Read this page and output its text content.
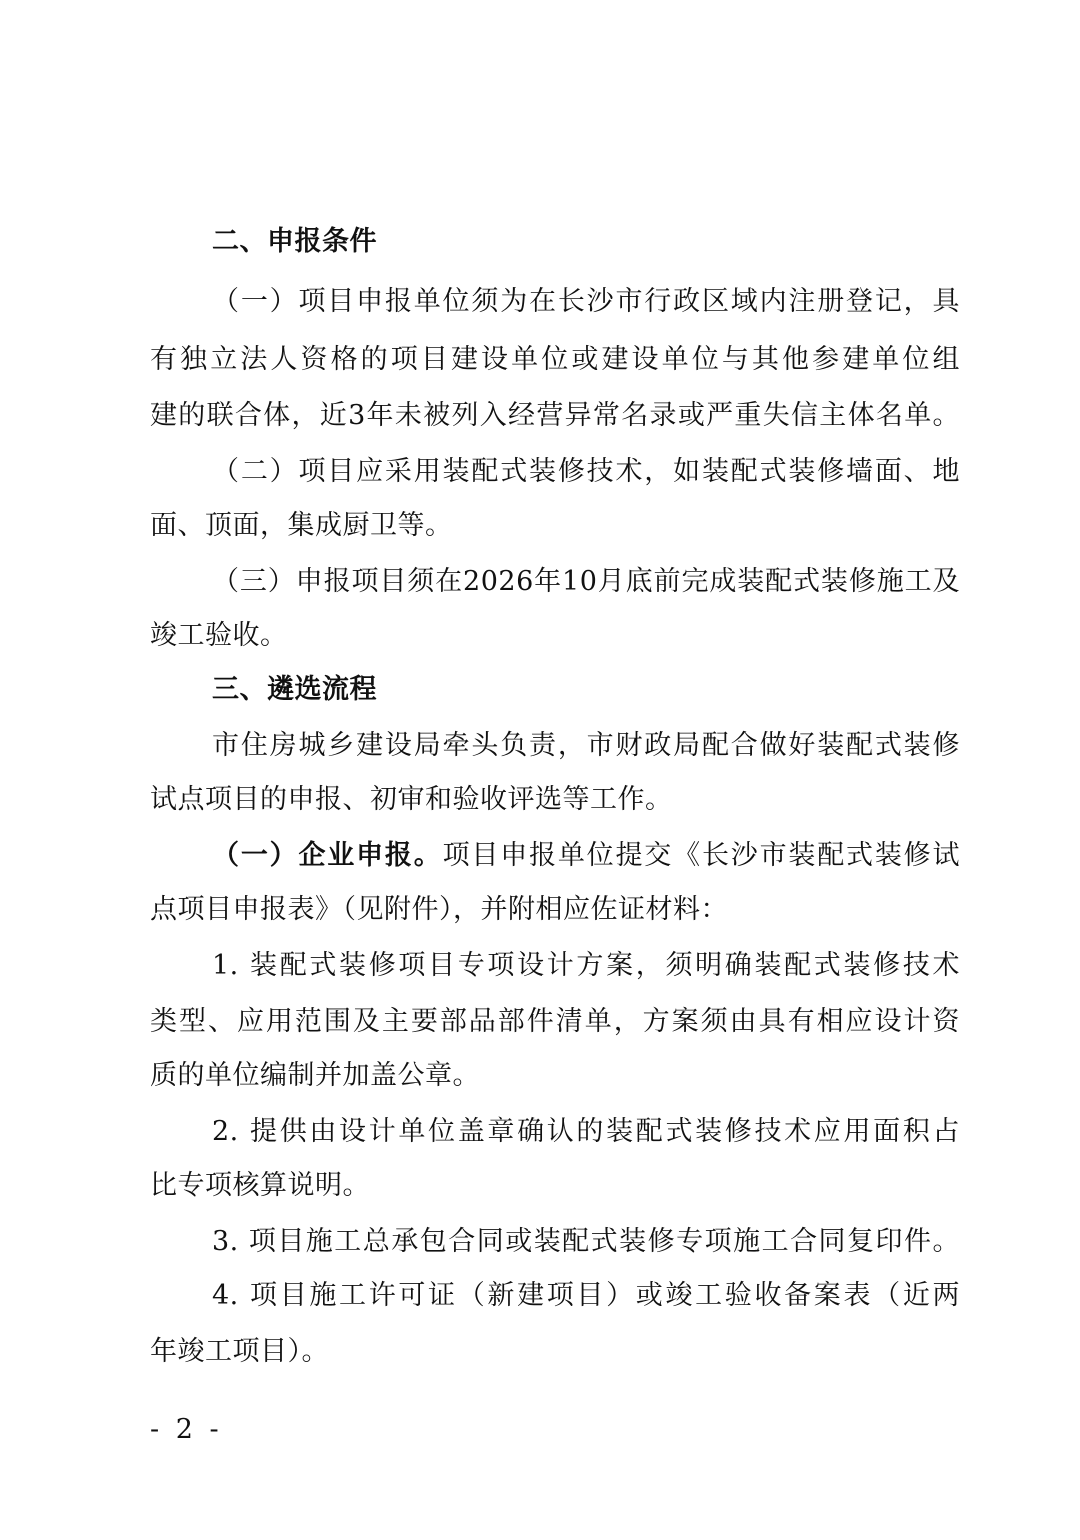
二、申报条件
（一）项目申报单位须为在长沙市行政区域内注册登记，具
有独立法人资格的项目建设单位或建设单位与其他参建单位组
建的联合体，近3年未被列入经营异常名录或严重失信主体名单。
（二）项目应采用装配式装修技术，如装配式装修墙面、地
面、顶面，集成厨卫等。
（三）申报项目须在2026年10月底前完成装配式装修施工及
竣工验收。
三、遴选流程
市住房城乡建设局牵头负责，市财政局配合做好装配式装修
试点项目的申报、初审和验收评选等工作。
（一）企业申报。项目申报单位提交《长沙市装配式装修试
点项目申报表》（见附件），并附相应佐证材料：
1. 装配式装修项目专项设计方案，须明确装配式装修技术
类型、应用范围及主要部品部件清单，方案须由具有相应设计资
质的单位编制并加盖公章。
2. 提供由设计单位盖章确认的装配式装修技术应用面积占
比专项核算说明。
3. 项目施工总承包合同或装配式装修专项施工合同复印件。
4. 项目施工许可证（新建项目）或竣工验收备案表（近两
年竣工项目）。
- 2 -
